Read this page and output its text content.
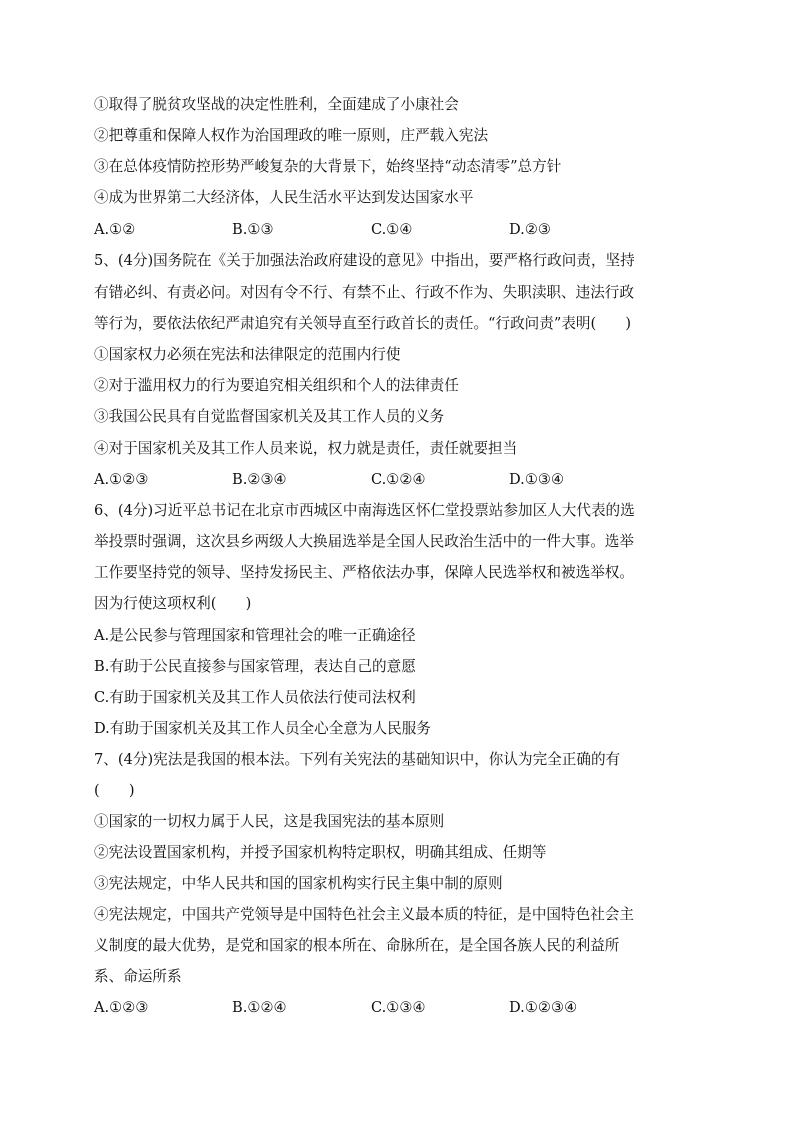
①取得了脱贫攻坚战的决定性胜利，全面建成了小康社会
②把尊重和保障人权作为治国理政的唯一原则，庄严载入宪法
③在总体疫情防控形势严峻复杂的大背景下，始终坚持“动态清零”总方针
④成为世界第二大经济体，人民生活水平达到发达国家水平
A.①②	B.①③	C.①④	D.②③
5、(4分)国务院在《关于加强法治政府建设的意见》中指出，要严格行政问责，坚持
有错必纠、有责必问。对因有令不行、有禁不止、行政不作为、失职渎职、违法行政
等行为，要依法依纪严肃追究有关领导直至行政首长的责任。“行政问责”表明(　　)
①国家权力必须在宪法和法律限定的范围内行使
②对于滥用权力的行为要追究相关组织和个人的法律责任
③我国公民具有自觉监督国家机关及其工作人员的义务
④对于国家机关及其工作人员来说，权力就是责任，责任就要担当
A.①②③	B.②③④	C.①②④	D.①③④
6、(4分)习近平总书记在北京市西城区中南海选区怀仁堂投票站参加区人大代表的选
举投票时强调，这次县乡两级人大换届选举是全国人民政治生活中的一件大事。选举
工作要坚持党的领导、坚持发扬民主、严格依法办事，保障人民选举权和被选举权。
因为行使这项权利(　　)
A.是公民参与管理国家和管理社会的唯一正确途径
B.有助于公民直接参与国家管理，表达自己的意愿
C.有助于国家机关及其工作人员依法行使司法权利
D.有助于国家机关及其工作人员全心全意为人民服务
7、(4分)宪法是我国的根本法。下列有关宪法的基础知识中，你认为完全正确的有
(　　)
①国家的一切权力属于人民，这是我国宪法的基本原则
②宪法设置国家机构，并授予国家机构特定职权，明确其组成、任期等
③宪法规定，中华人民共和国的国家机构实行民主集中制的原则
④宪法规定，中国共产党领导是中国特色社会主义最本质的特征，是中国特色社会主
义制度的最大优势，是党和国家的根本所在、命脉所在，是全国各族人民的利益所
系、命运所系
A.①②③	B.①②④	C.①③④	D.①②③④
